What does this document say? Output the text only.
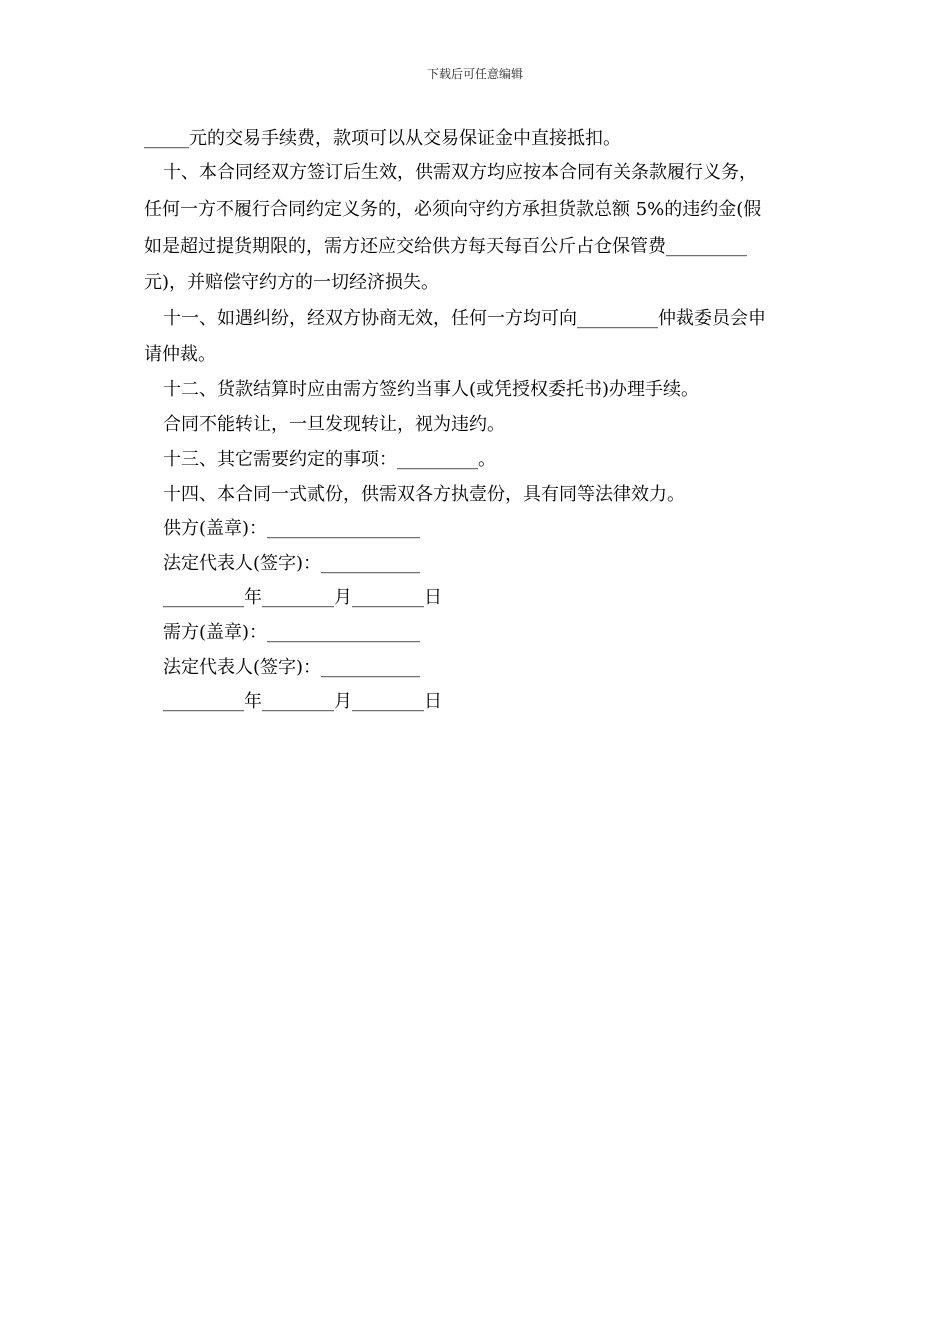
下载后可任意编辑
_____元的交易手续费，款项可以从交易保证金中直接抵扣。
十、本合同经双方签订后生效，供需双方均应按本合同有关条款履行义务，
任何一方不履行合同约定义务的，必须向守约方承担货款总额 5%的违约金(假
如是超过提货期限的，需方还应交给供方每天每百公斤占仓保管费_________
元)，并赔偿守约方的一切经济损失。
十一、如遇纠纷，经双方协商无效，任何一方均可向_________仲裁委员会申
请仲裁。
十二、货款结算时应由需方签约当事人(或凭授权委托书)办理手续。
合同不能转让，一旦发现转让，视为违约。
十三、其它需要约定的事项：_________。
十四、本合同一式贰份，供需双各方执壹份，具有同等法律效力。
供方(盖章)：_________________
法定代表人(签字)：___________
_________年________月________日
需方(盖章)：_________________
法定代表人(签字)：___________
_________年________月________日
